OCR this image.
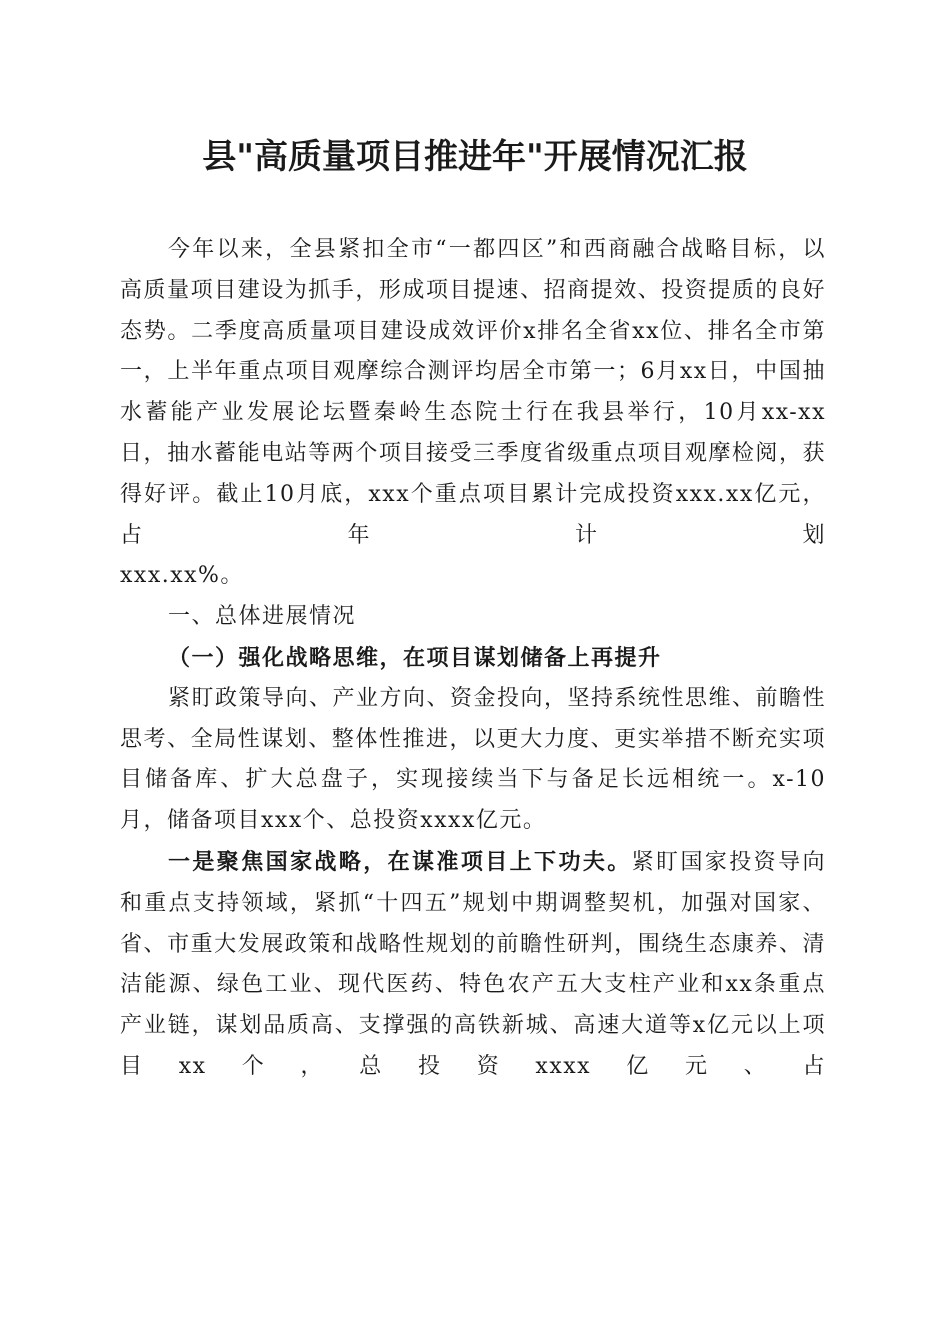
县"高质量项目推进年"开展情况汇报

今年以来，全县紧扣全市“一都四区”和西商融合战略目标，以高质量项目建设为抓手，形成项目提速、招商提效、投资提质的良好态势。二季度高质量项目建设成效评价x排名全省xx位、排名全市第一，上半年重点项目观摩综合测评均居全市第一；6月xx日，中国抽水蓄能产业发展论坛暨秦岭生态院士行在我县举行，10月xx-xx日，抽水蓄能电站等两个项目接受三季度省级重点项目观摩检阅，获得好评。截止10月底，xxx个重点项目累计完成投资xxx.xx亿元，占年计划

xxx.xx%。

一、总体进展情况
（一）强化战略思维，在项目谋划储备上再提升

紧盯政策导向、产业方向、资金投向，坚持系统性思维、前瞻性思考、全局性谋划、整体性推进，以更大力度、更实举措不断充实项目储备库、扩大总盘子，实现接续当下与备足长远相统一。x-10月，储备项目xxx个、总投资xxxx亿元。

一是聚焦国家战略，在谋准项目上下功夫。紧盯国家投资导向和重点支持领域，紧抓“十四五”规划中期调整契机，加强对国家、省、市重大发展政策和战略性规划的前瞻性研判，围绕生态康养、清洁能源、绿色工业、现代医药、特色农产五大支柱产业和xx条重点产业链，谋划品质高、支撑强的高铁新城、高速大道等x亿元以上项目xx个，总投资xxxx亿元、占
